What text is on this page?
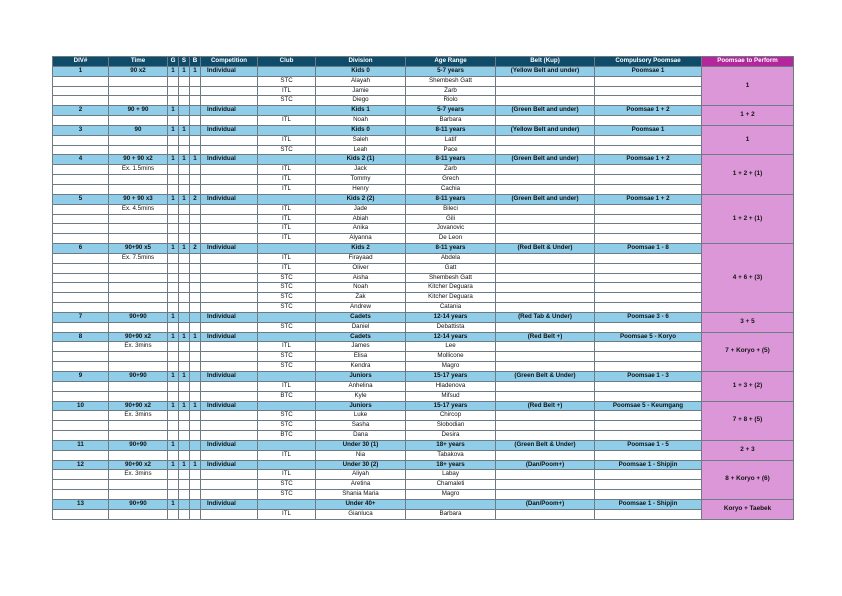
DIV#	Time	G	S	B	Competition	Club	Division	Age Range	Belt (Kup)	Compulsory Poomsae	Poomsae to Perform
1	90 x2	1	1	1	Individual		Kids 0	5-7 years	(Yellow Belt and under)	Poomsae 1	1
						STC	Alayah	Shembesh Gatt			
						ITL	Jamie	Zarb			
						STC	Diego	Riolo			
2	90 + 90	1			Individual		Kids 1	5-7 years	(Green Belt and under)	Poomsae 1 + 2	1 + 2
						ITL	Noah	Barbara			
3	90	1	1		Individual		Kids 0	8-11 years	(Yellow Belt and under)	Poomsae 1	1
						ITL	Saleh	Latif			
						STC	Leah	Pace			
4	90 + 90 x2	1	1	1	Individual		Kids 2 (1)	8-11 years	(Green Belt and under)	Poomsae 1 + 2	1 + 2 + (1)
	Ex. 1.5mins					ITL	Jack	Zarb			
						ITL	Tommy	Grech			
						ITL	Henry	Cachia			
5	90 + 90 x3	1	1	2	Individual		Kids 2 (2)	8-11 years	(Green Belt and under)	Poomsae 1 + 2	1 + 2 + (1)
	Ex. 4.5mins					ITL	Jade	Bileci			
						ITL	Abiah	Gili			
						ITL	Anika	Jovanovic			
						ITL	Alyanna	De Leon			
6	90+90 x5	1	1	2	Individual		Kids 2	8-11 years	(Red Belt & Under)	Poomsae 1 - 8	4 + 6 + (3)
	Ex. 7.5mins					ITL	Firayaad	Abdela			
						ITL	Oliver	Gatt			
						STC	Aisha	Shembesh Gatt			
						STC	Noah	Kitcher Deguara			
						STC	Zak	Kitcher Deguara			
						STC	Andrew	Catania			
7	90+90	1			Individual		Cadets	12-14 years	(Red Tab & Under)	Poomsae 3 - 6	3 + 5
						STC	Daniel	Debattista			
8	90+90 x2	1	1	1	Individual		Cadets	12-14 years	(Red Belt +)	Poomsae 5 - Koryo	7 + Koryo + (5)
	Ex. 3mins					ITL	James	Lee			
						STC	Elisa	Mollicone			
						STC	Kendra	Magro			
9	90+90	1	1		Individual		Juniors	15-17 years	(Green Belt & Under)	Poomsae 1 - 3	1 + 3 + (2)
						ITL	Anhelina	Hladenova			
						BTC	Kyle	Mifsud			
10	90+90 x2	1	1	1	Individual		Juniors	15-17 years	(Red Belt +)	Poomsae 5 - Keumgang	7 + 8 + (5)
	Ex. 3mins					STC	Luke	Chircop			
						STC	Sasha	Slobodian			
						BTC	Dana	Desira			
11	90+90	1			Individual		Under 30 (1)	18+ years	(Green Belt & Under)	Poomsae 1 - 5	2 + 3
						ITL	Nia	Tabakova			
12	90+90 x2	1	1	1	Individual		Under 30 (2)	18+ years	(Dan/Poom+)	Poomsae 1 - Shipjin	8 + Koryo + (6)
	Ex. 3mins					ITL	Aliyah	Labay			
						STC	Aretina	Chamaleti			
						STC	Shania Maria	Magro			
13	90+90	1			Individual		Under 40+		(Dan/Poom+)	Poomsae 1 - Shipjin	Koryo + Taebek
						ITL	Gianluca	Barbara			
